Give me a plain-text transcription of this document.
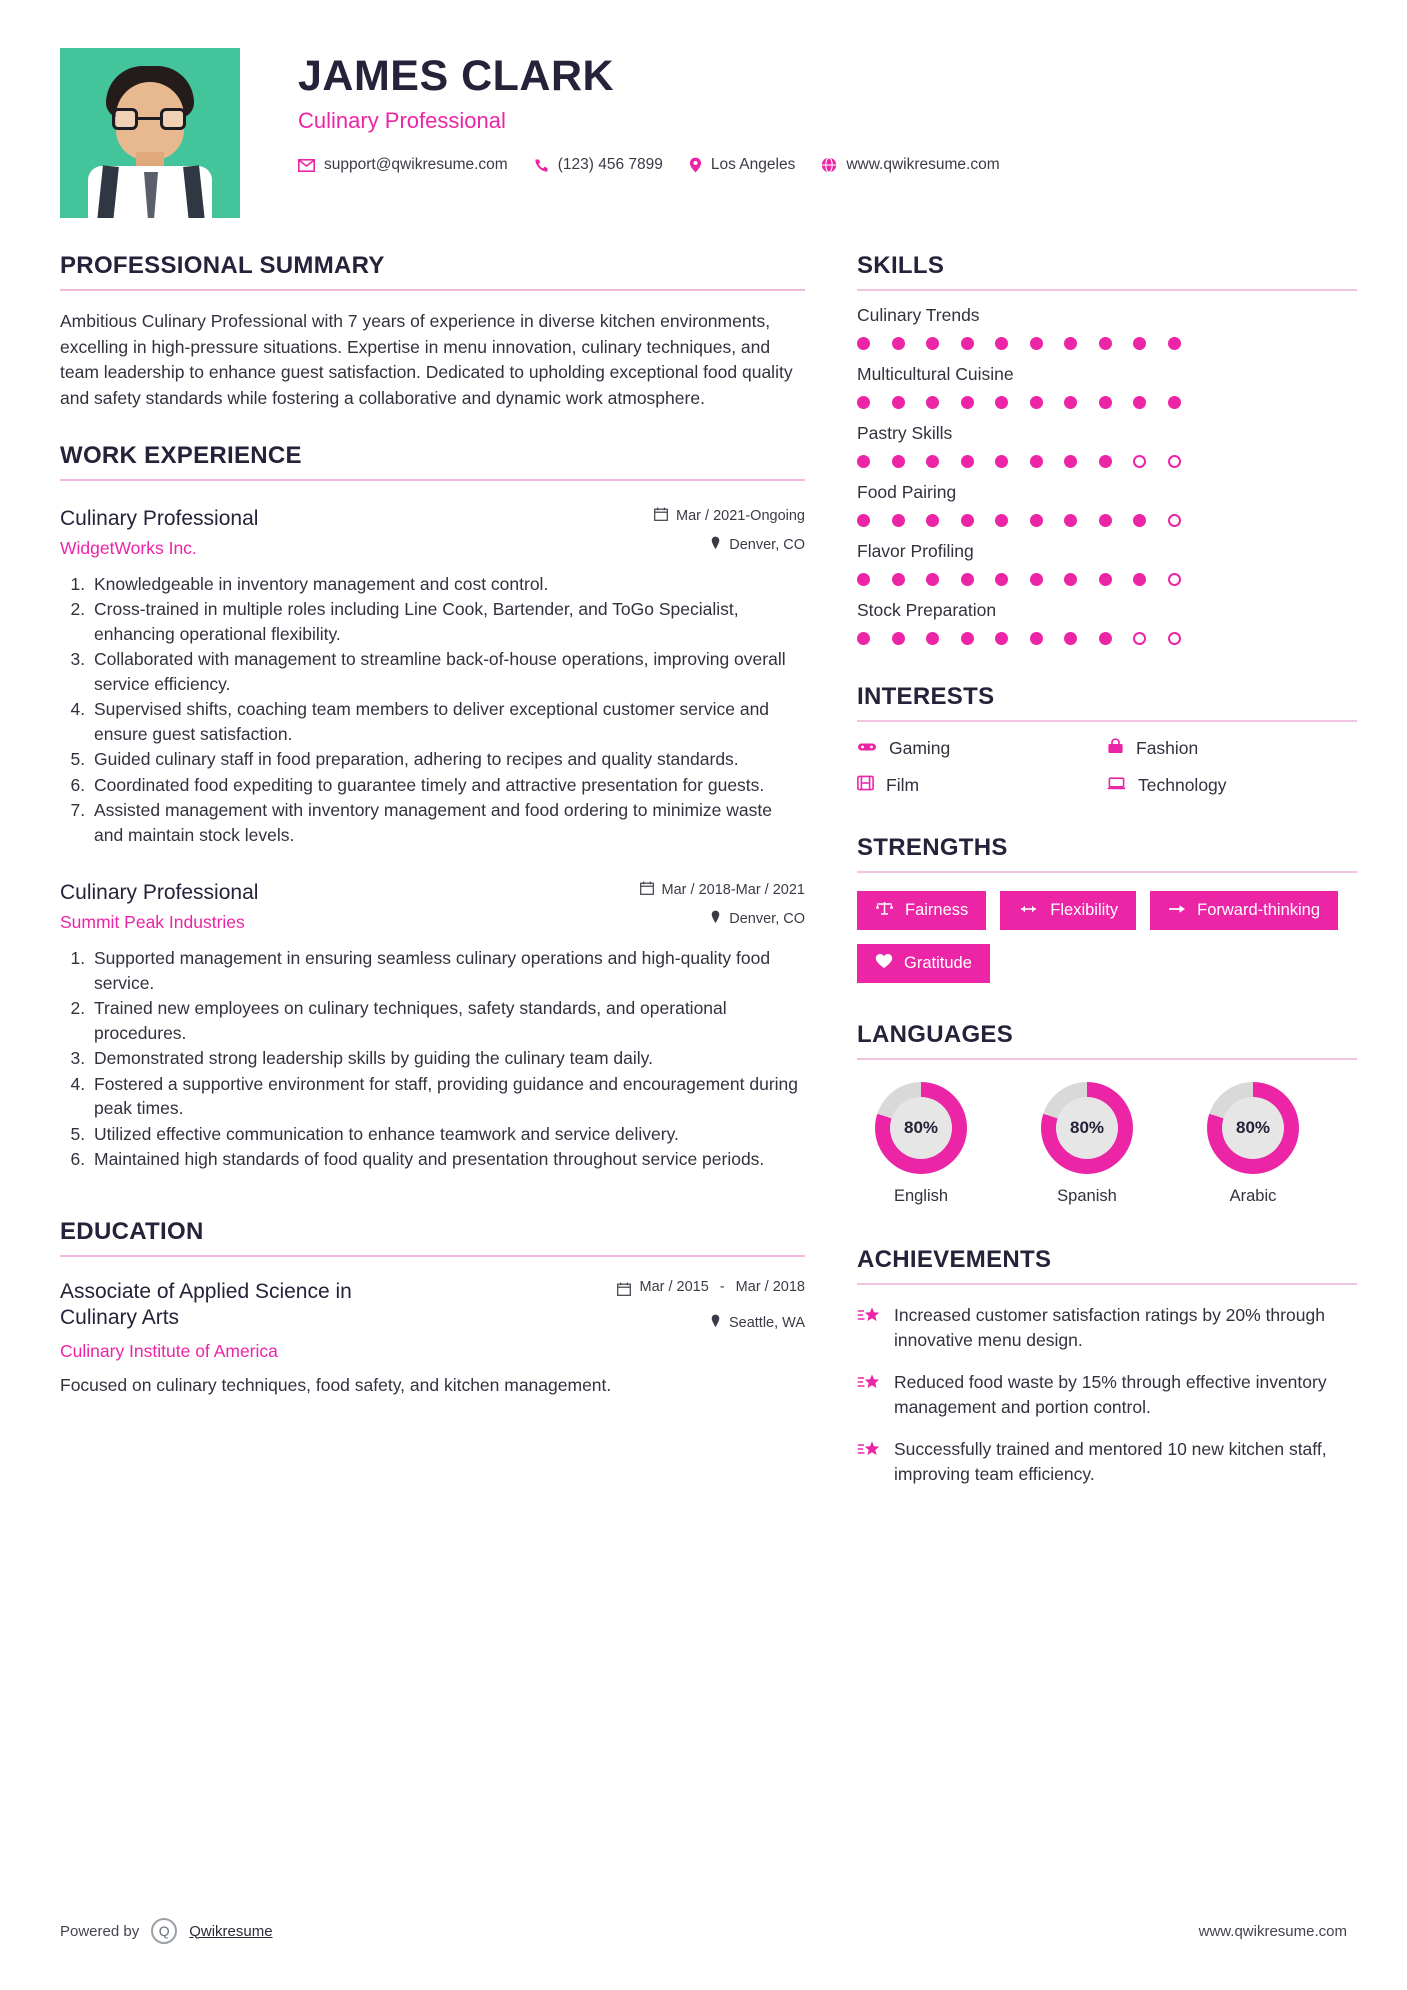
JAMES CLARK
Culinary Professional
support@qwikresume.com	(123) 456 7899	Los Angeles	www.qwikresume.com
PROFESSIONAL SUMMARY

Ambitious Culinary Professional with 7 years of experience in diverse kitchen environments, excelling in high-pressure situations. Expertise in menu innovation, culinary techniques, and team leadership to enhance guest satisfaction. Dedicated to upholding exceptional food quality and safety standards while fostering a collaborative and dynamic work atmosphere.

WORK EXPERIENCE
Culinary Professional
WidgetWorks Inc.
Mar / 2021-Ongoing
Denver, CO
1. Knowledgeable in inventory management and cost control.
2. Cross-trained in multiple roles including Line Cook, Bartender, and ToGo Specialist, enhancing operational flexibility.
3. Collaborated with management to streamline back-of-house operations, improving overall service efficiency.
4. Supervised shifts, coaching team members to deliver exceptional customer service and ensure guest satisfaction.
5. Guided culinary staff in food preparation, adhering to recipes and quality standards.
6. Coordinated food expediting to guarantee timely and attractive presentation for guests.
7. Assisted management with inventory management and food ordering to minimize waste and maintain stock levels.
Culinary Professional
Summit Peak Industries
Mar / 2018-Mar / 2021
Denver, CO
1. Supported management in ensuring seamless culinary operations and high-quality food service.
2. Trained new employees on culinary techniques, safety standards, and operational procedures.
3. Demonstrated strong leadership skills by guiding the culinary team daily.
4. Fostered a supportive environment for staff, providing guidance and encouragement during peak times.
5. Utilized effective communication to enhance teamwork and service delivery.
6. Maintained high standards of food quality and presentation throughout service periods.
EDUCATION
Associate of Applied Science in Culinary Arts
Culinary Institute of America
Mar / 2015 - Mar / 2018
Seattle, WA
Focused on culinary techniques, food safety, and kitchen management.
SKILLS
Culinary Trends
Multicultural Cuisine
Pastry Skills
Food Pairing
Flavor Profiling
Stock Preparation
INTERESTS
Gaming	Fashion
Film	Technology
STRENGTHS
Fairness	Flexibility	Forward-thinking
Gratitude
LANGUAGES
80%
English
80%
Spanish
80%
Arabic
ACHIEVEMENTS
Increased customer satisfaction ratings by 20% through innovative menu design.
Reduced food waste by 15% through effective inventory management and portion control.
Successfully trained and mentored 10 new kitchen staff, improving team efficiency.
Powered by	Q	Qwikresume	www.qwikresume.com
